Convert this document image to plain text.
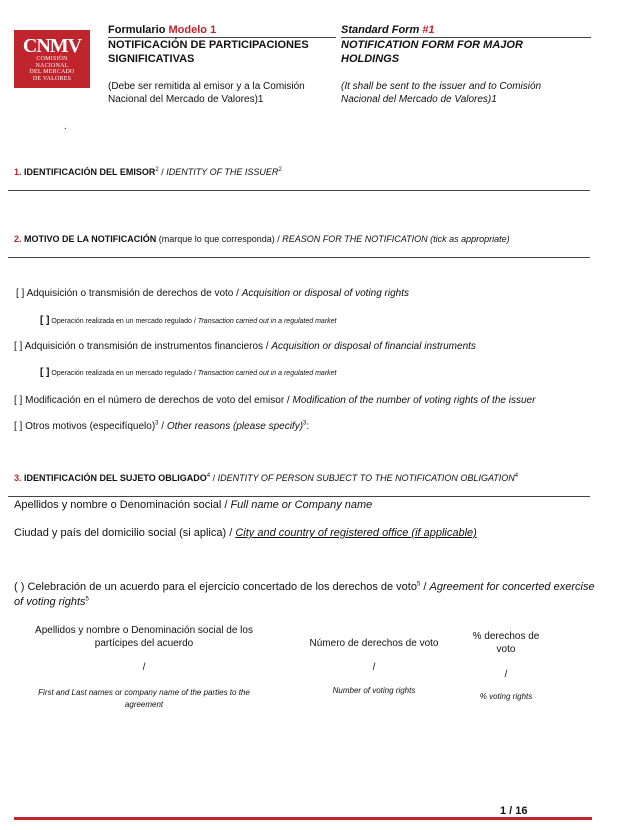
CNMV
COMISIÓN
NACIONAL
DEL MERCADO
DE VALORES
Formulario Modelo 1
NOTIFICACIÓN DE PARTICIPACIONES SIGNIFICATIVAS
(Debe ser remitida al emisor y a la Comisión Nacional del Mercado de Valores)1
Standard Form #1
NOTIFICATION FORM FOR MAJOR HOLDINGS
(It shall be sent to the issuer and to Comisión Nacional del Mercado de Valores)1
.
1. IDENTIFICACIÓN DEL EMISOR$^2$ / IDENTITY OF THE ISSUER$^2$
2. MOTIVO DE LA NOTIFICACIÓN (marque lo que corresponda) / REASON FOR THE NOTIFICATION (tick as appropriate)
[ ] Adquisición o transmisión de derechos de voto / Acquisition or disposal of voting rights
[ ] Operación realizada en un mercado regulado / Transaction carried out in a regulated market
[ ] Adquisición o transmisión de instrumentos financieros / Acquisition or disposal of financial instruments
[ ] Operación realizada en un mercado regulado / Transaction carried out in a regulated market
[ ] Modificación en el número de derechos de voto del emisor / Modification of the number of voting rights of the issuer
[ ] Otros motivos (especifíquelo)$^3$ / Other reasons (please specify)$^3$:
3. IDENTIFICACIÓN DEL SUJETO OBLIGADO$^4$ / IDENTITY OF PERSON SUBJECT TO THE NOTIFICATION OBLIGATION$^4$
Apellidos y nombre o Denominación social / Full name or Company name
Ciudad y país del domicilio social (si aplica) / City and country of registered office (if applicable)
( ) Celebración de un acuerdo para el ejercicio concertado de los derechos de voto$^5$ / Agreement for concerted exercise of voting rights$^5$
Apellidos y nombre o Denominación social de los partícipes del acuerdo
/
First and Last names or company name of the parties to the agreement
Número de derechos de voto
/
Number of voting rights
% derechos de voto
/
% voting rights
1 / 16
